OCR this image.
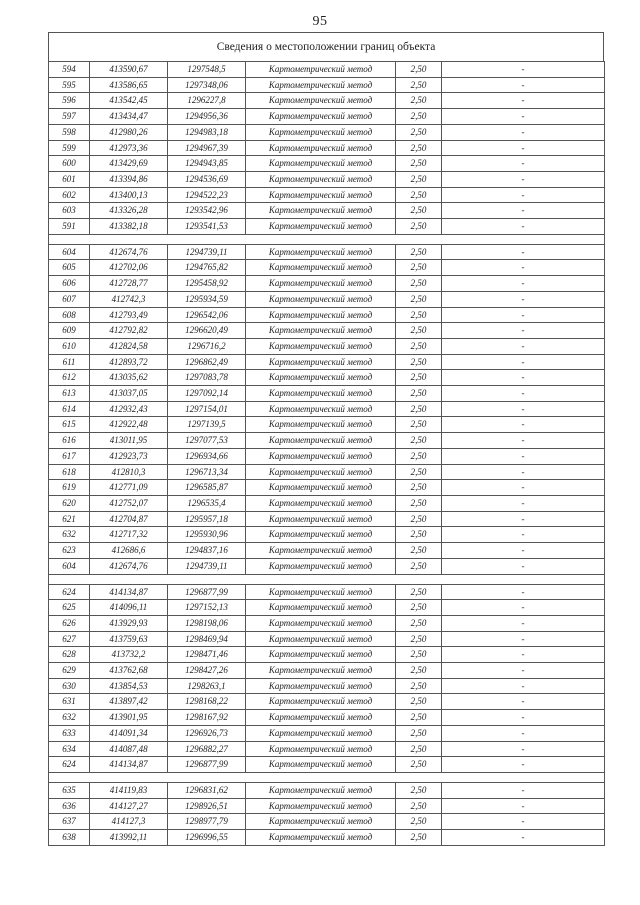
95
Сведения о местоположении границ объекта
594	413590,67	1297548,5	Картометрический метод	2,50	-
595	413586,65	1297348,06	Картометрический метод	2,50	-
596	413542,45	1296227,8	Картометрический метод	2,50	-
597	413434,47	1294956,36	Картометрический метод	2,50	-
598	412980,26	1294983,18	Картометрический метод	2,50	-
599	412973,36	1294967,39	Картометрический метод	2,50	-
600	413429,69	1294943,85	Картометрический метод	2,50	-
601	413394,86	1294536,69	Картометрический метод	2,50	-
602	413400,13	1294522,23	Картометрический метод	2,50	-
603	413326,28	1293542,96	Картометрический метод	2,50	-
591	413382,18	1293541,53	Картометрический метод	2,50	-

604	412674,76	1294739,11	Картометрический метод	2,50	-
605	412702,06	1294765,82	Картометрический метод	2,50	-
606	412728,77	1295458,92	Картометрический метод	2,50	-
607	412742,3	1295934,59	Картометрический метод	2,50	-
608	412793,49	1296542,06	Картометрический метод	2,50	-
609	412792,82	1296620,49	Картометрический метод	2,50	-
610	412824,58	1296716,2	Картометрический метод	2,50	-
611	412893,72	1296862,49	Картометрический метод	2,50	-
612	413035,62	1297083,78	Картометрический метод	2,50	-
613	413037,05	1297092,14	Картометрический метод	2,50	-
614	412932,43	1297154,01	Картометрический метод	2,50	-
615	412922,48	1297139,5	Картометрический метод	2,50	-
616	413011,95	1297077,53	Картометрический метод	2,50	-
617	412923,73	1296934,66	Картометрический метод	2,50	-
618	412810,3	1296713,34	Картометрический метод	2,50	-
619	412771,09	1296585,87	Картометрический метод	2,50	-
620	412752,07	1296535,4	Картометрический метод	2,50	-
621	412704,87	1295957,18	Картометрический метод	2,50	-
632	412717,32	1295930,96	Картометрический метод	2,50	-
623	412686,6	1294837,16	Картометрический метод	2,50	-
604	412674,76	1294739,11	Картометрический метод	2,50	-

624	414134,87	1296877,99	Картометрический метод	2,50	-
625	414096,11	1297152,13	Картометрический метод	2,50	-
626	413929,93	1298198,06	Картометрический метод	2,50	-
627	413759,63	1298469,94	Картометрический метод	2,50	-
628	413732,2	1298471,46	Картометрический метод	2,50	-
629	413762,68	1298427,26	Картометрический метод	2,50	-
630	413854,53	1298263,1	Картометрический метод	2,50	-
631	413897,42	1298168,22	Картометрический метод	2,50	-
632	413901,95	1298167,92	Картометрический метод	2,50	-
633	414091,34	1296926,73	Картометрический метод	2,50	-
634	414087,48	1296882,27	Картометрический метод	2,50	-
624	414134,87	1296877,99	Картометрический метод	2,50	-

635	414119,83	1296831,62	Картометрический метод	2,50	-
636	414127,27	1298926,51	Картометрический метод	2,50	-
637	414127,3	1298977,79	Картометрический метод	2,50	-
638	413992,11	1296996,55	Картометрический метод	2,50	-
